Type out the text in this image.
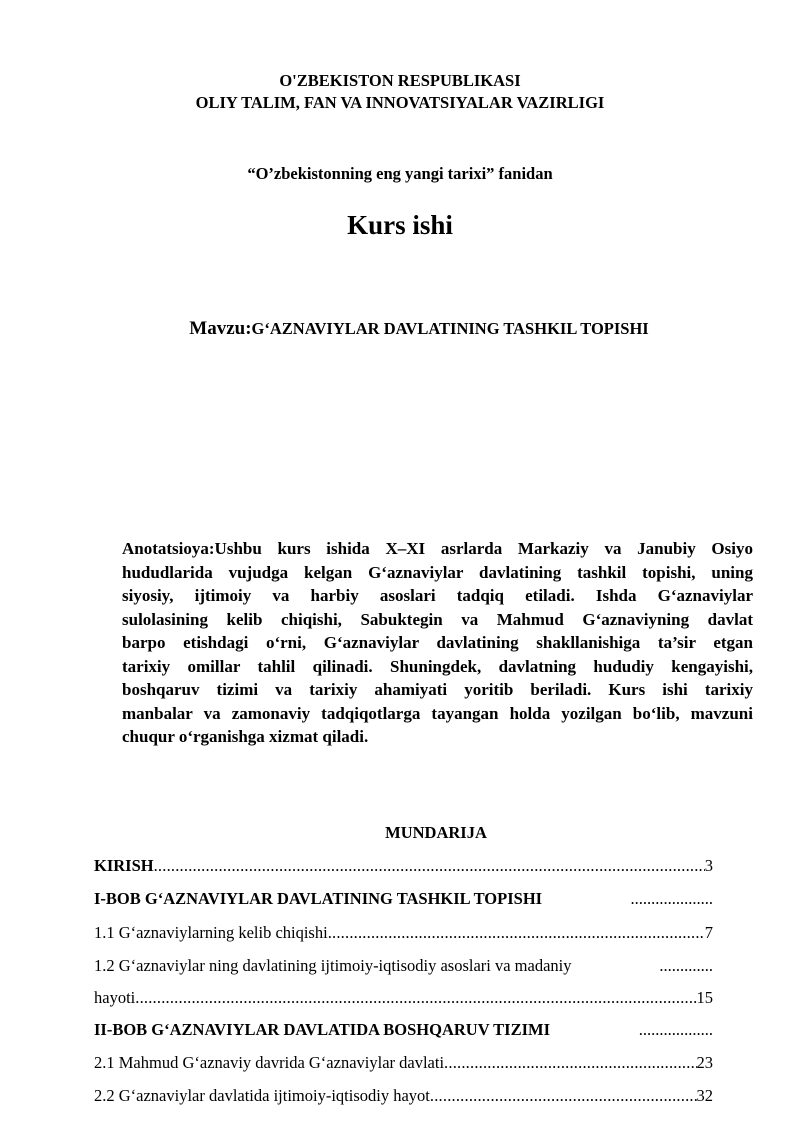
O'ZBEKISTON RESPUBLIKASI
OLIY TALIM, FAN VA INNOVATSIYALAR VAZIRLIGI
“O’zbekistonning eng yangi tarixi” fanidan
Kurs ishi
Mavzu:G‘AZNAVIYLAR DAVLATINING TASHKIL TOPISHI
Anotatsioya:Ushbu kurs ishida X–XI asrlarda Markaziy va Janubiy Osiyo
hududlarida vujudga kelgan G‘aznaviylar davlatining tashkil topishi, uning
siyosiy, ijtimoiy va harbiy asoslari tadqiq etiladi. Ishda G‘aznaviylar
sulolasining kelib chiqishi, Sabuktegin va Mahmud G‘aznaviyning davlat
barpo etishdagi o‘rni, G‘aznaviylar davlatining shakllanishiga ta’sir etgan
tarixiy omillar tahlil qilinadi. Shuningdek, davlatning hududiy kengayishi,
boshqaruv tizimi va tarixiy ahamiyati yoritib beriladi. Kurs ishi tarixiy
manbalar va zamonaviy tadqiqotlarga tayangan holda yozilgan bo‘lib, mavzuni
chuqur o‘rganishga xizmat qiladi.
MUNDARIJA
KIRISH .....	3
I-BOB G‘AZNAVIYLAR DAVLATINING TASHKIL TOPISHI	....................
1.1 G‘aznaviylarning kelib chiqishi .....	7
1.2 G‘aznaviylar ning davlatining ijtimoiy-iqtisodiy asoslari va madaniy	.............
hayoti .....	15
II-BOB G‘AZNAVIYLAR DAVLATIDA BOSHQARUV TIZIMI	..................
2.1 Mahmud G‘aznaviy davrida G‘aznaviylar davlati .....	23
2.2 G‘aznaviylar davlatida ijtimoiy-iqtisodiy hayot .....	32
